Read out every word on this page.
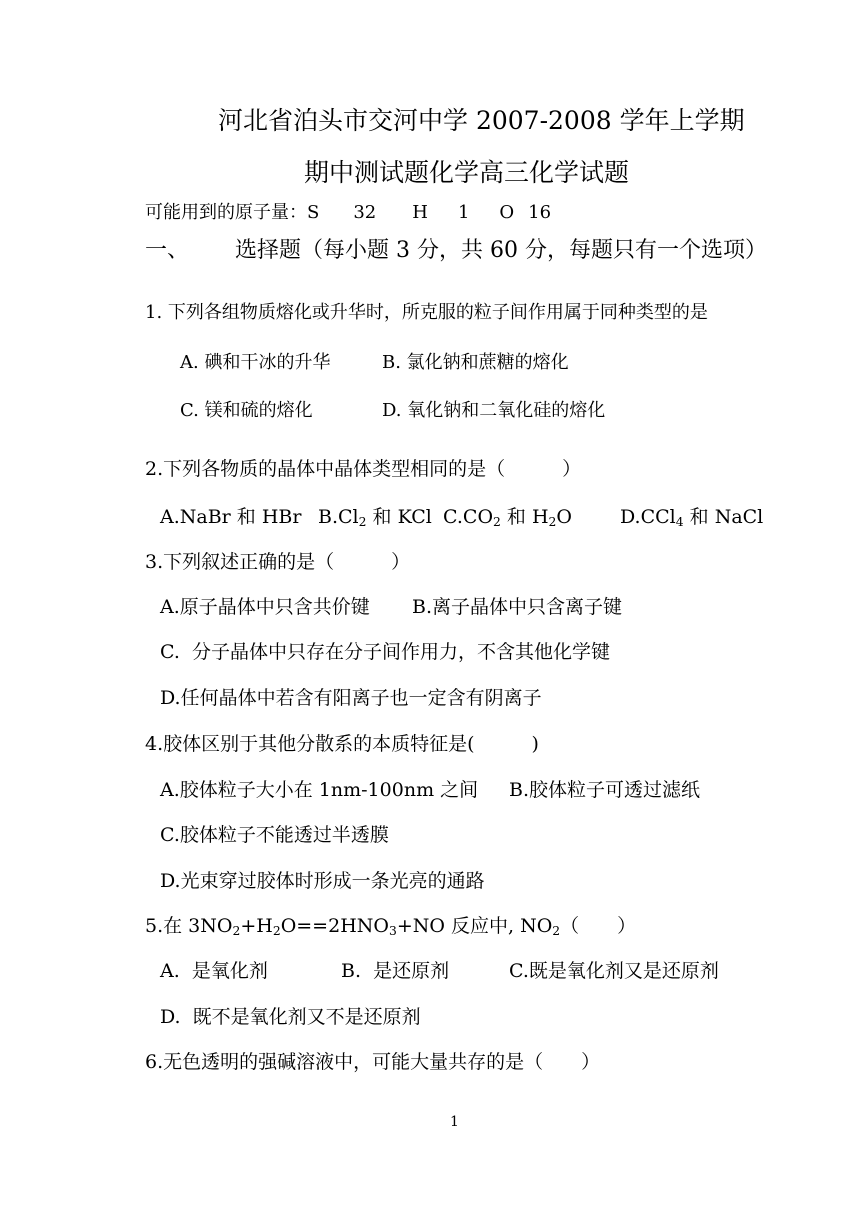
河北省泊头市交河中学 2007-2008 学年上学期
期中测试题化学高三化学试题
可能用到的原子量：S 32 H 1 O 16
一、 选择题（每小题 3 分，共 60 分，每题只有一个选项）
1. 下列各组物质熔化或升华时，所克服的粒子间作用属于同种类型的是
A. 碘和干冰的升华	B. 氯化钠和蔗糖的熔化
C. 镁和硫的熔化	D. 氧化钠和二氧化硅的熔化
2.下列各物质的晶体中晶体类型相同的是（　　　）
A.NaBr 和 HBr $B.Cl_2$ 和 KCl $C.CO_2$ 和 $H_2O$	D.CCl$_4$ 和 NaCl
3.下列叙述正确的是（　　　）
A.原子晶体中只含共价键 B.离子晶体中只含离子键
C.  分子晶体中只存在分子间作用力，不含其他化学键
D.任何晶体中若含有阳离子也一定含有阴离子
4.胶体区别于其他分散系的本质特征是(　　　)
A.胶体粒子大小在 1nm-100nm 之间 B.胶体粒子可透过滤纸
C.胶体粒子不能透过半透膜
D.光束穿过胶体时形成一条光亮的通路
5.在 $3NO_2+H_2O==2HNO_3+NO$ 反应中, $NO_2$（　　）
A.  是氧化剂	B.  是还原剂	C.既是氧化剂又是还原剂
D.  既不是氧化剂又不是还原剂
6.无色透明的强碱溶液中，可能大量共存的是（　　）
1
